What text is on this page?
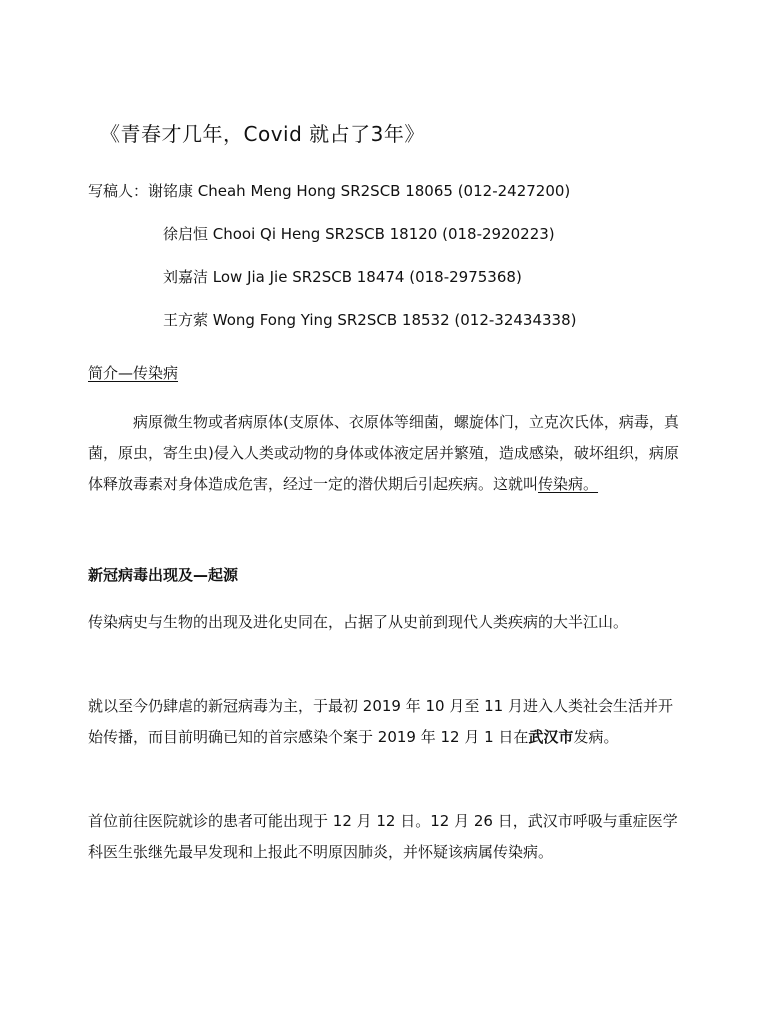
《青春才几年，Covid 就占了3年》
写稿人：谢铭康 Cheah Meng Hong SR2SCB 18065 (012-2427200)
徐启恒 Chooi Qi Heng SR2SCB 18120 (018-2920223)
刘嘉洁 Low Jia Jie SR2SCB 18474 (018-2975368)
王方萦 Wong Fong Ying SR2SCB 18532 (012-32434338)
简介—传染病
病原微生物或者病原体(支原体、衣原体等细菌，螺旋体门，立克次氏体，病毒，真菌，原虫，寄生虫)侵入人类或动物的身体或体液定居并繁殖，造成感染，破坏组织，病原体释放毒素对身体造成危害，经过一定的潜伏期后引起疾病。这就叫传染病。
新冠病毒出现及—起源
传染病史与生物的出现及进化史同在，占据了从史前到现代人类疾病的大半江山。
就以至今仍肆虐的新冠病毒为主，于最初 2019 年 10 月至 11 月进入人类社会生活并开始传播，而目前明确已知的首宗感染个案于 2019 年 12 月 1 日在武汉市发病。
首位前往医院就诊的患者可能出现于 12 月 12 日。12 月 26 日，武汉市呼吸与重症医学科医生张继先最早发现和上报此不明原因肺炎，并怀疑该病属传染病。
